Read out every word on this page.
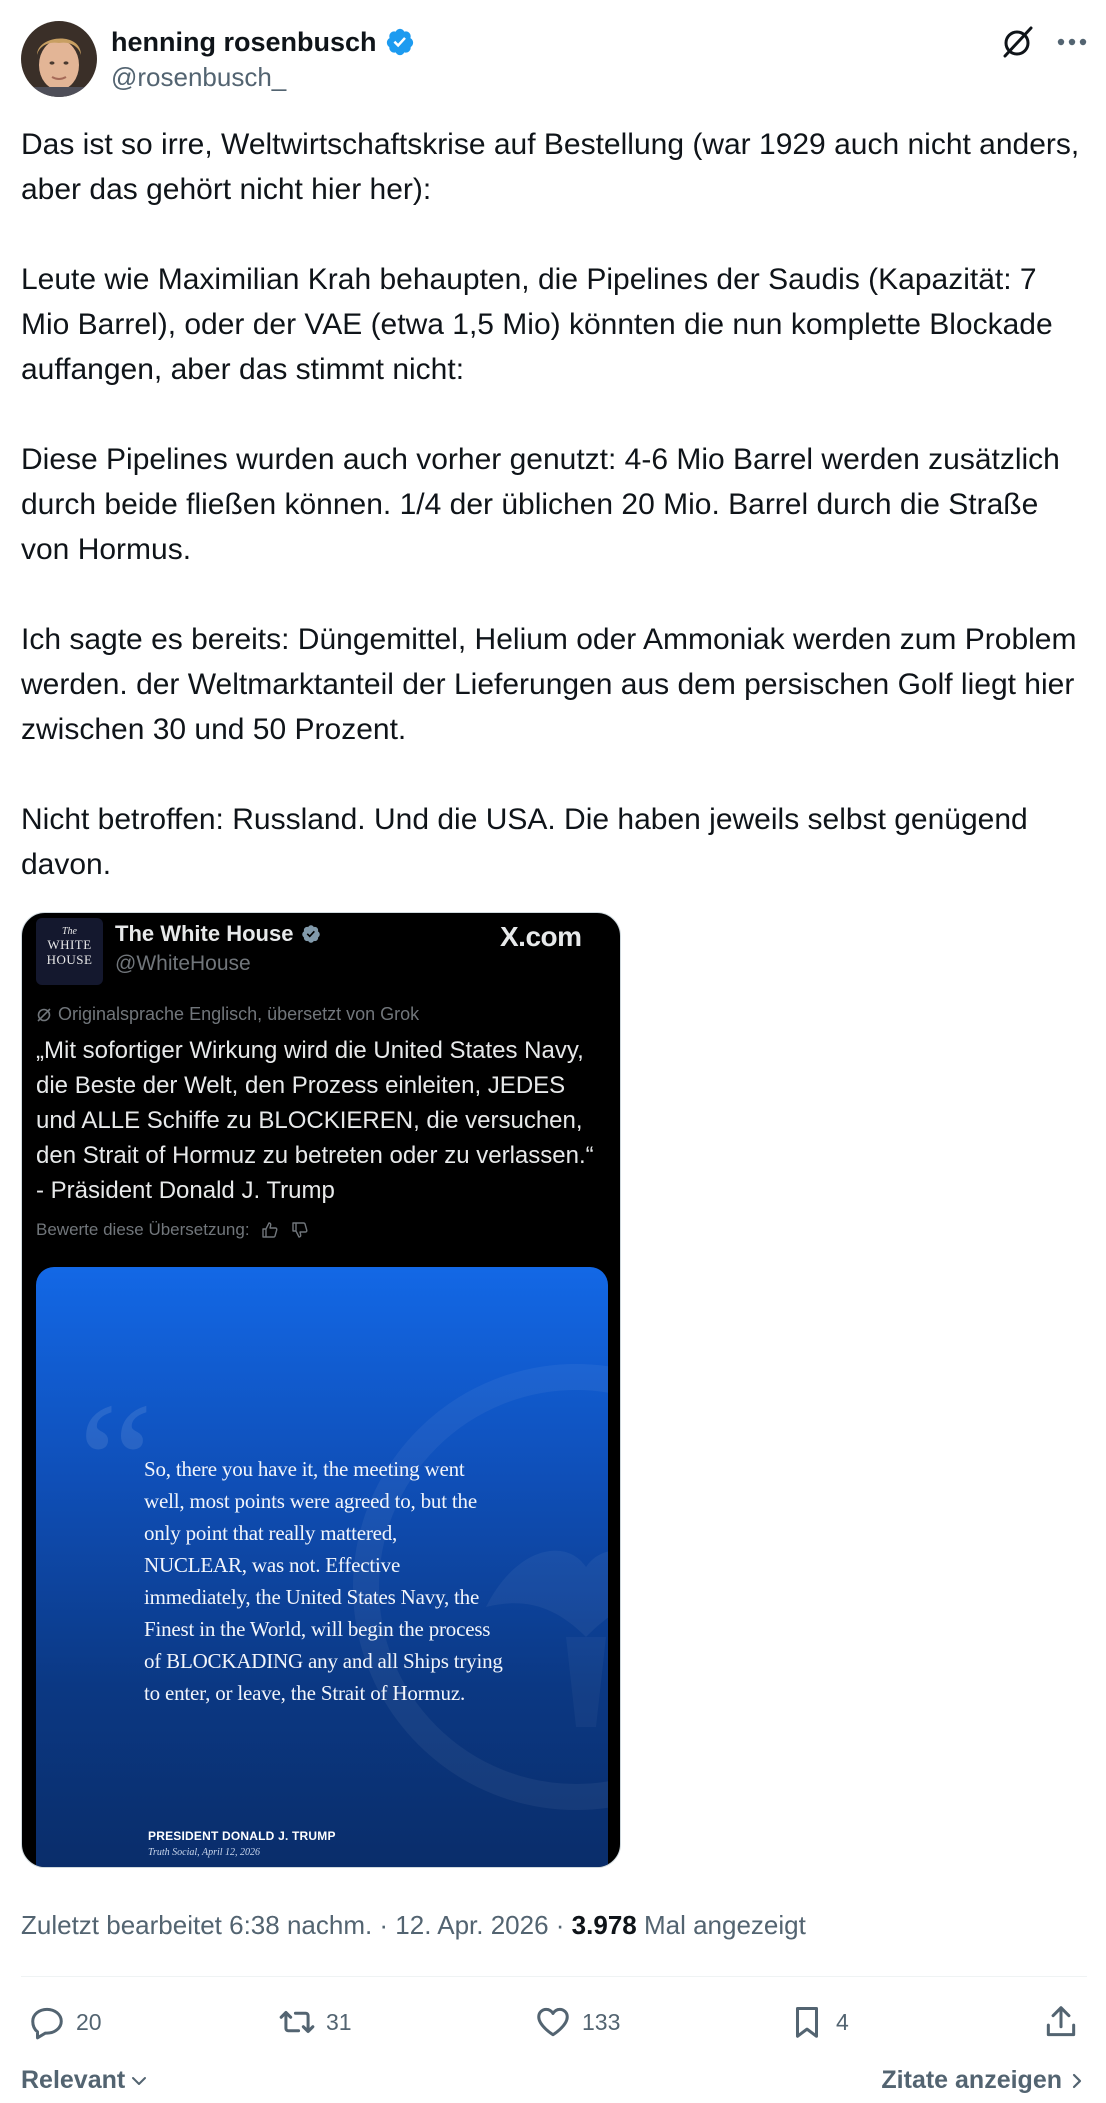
henning rosenbusch
@rosenbusch_

Das ist so irre, Weltwirtschaftskrise auf Bestellung (war 1929 auch nicht anders, aber das gehört nicht hier her):

Leute wie Maximilian Krah behaupten, die Pipelines der Saudis (Kapazität: 7 Mio Barrel), oder der VAE (etwa 1,5 Mio) könnten die nun komplette Blockade auffangen, aber das stimmt nicht:

Diese Pipelines wurden auch vorher genutzt: 4-6 Mio Barrel werden zusätzlich durch beide fließen können. 1/4 der üblichen 20 Mio. Barrel durch die Straße von Hormus.

Ich sagte es bereits: Düngemittel, Helium oder Ammoniak werden zum Problem werden. der Weltmarktanteil der Lieferungen aus dem persischen Golf liegt hier zwischen 30 und 50 Prozent.

Nicht betroffen: Russland. Und die USA. Die haben jeweils selbst genügend davon.

The
WHITE
HOUSE
The White House
@WhiteHouse
X.com
Originalsprache Englisch, übersetzt von Grok

„Mit sofortiger Wirkung wird die United States Navy, die Beste der Welt, den Prozess einleiten, JEDES und ALLE Schiffe zu BLOCKIEREN, die versuchen, den Strait of Hormuz zu betreten oder zu verlassen.“ - Präsident Donald J. Trump

Bewerte diese Übersetzung:
“
So, there you have it, the meeting went well, most points were agreed to, but the only point that really mattered, NUCLEAR, was not. Effective immediately, the United States Navy, the Finest in the World, will begin the process of BLOCKADING any and all Ships trying to enter, or leave, the Strait of Hormuz.
PRESIDENT DONALD J. TRUMP
Truth Social, April 12, 2026
Zuletzt bearbeitet 6:38 nachm. · 12. Apr. 2026 · 3.978 Mal angezeigt
20	31	133	4
Relevant	Zitate anzeigen
